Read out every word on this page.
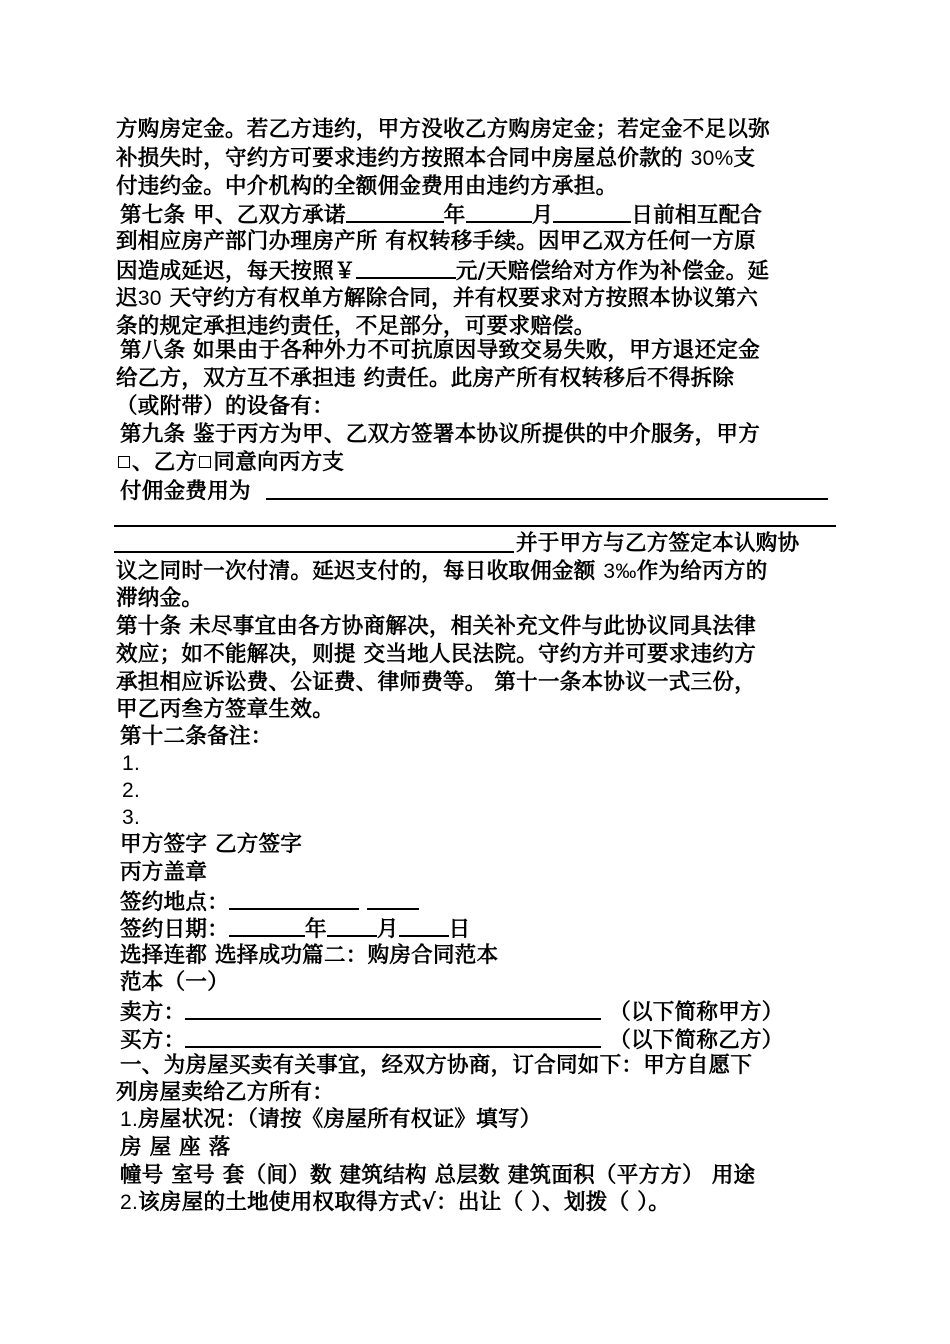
方购房定金。若乙方违约，甲方没收乙方购房定金；若定金不足以弥
补损失时，守约方可要求违约方按照本合同中房屋总价款的 30%支
付违约金。中介机构的全额佣金费用由违约方承担。
第七条 甲、乙双方承诺	年	月	日前相互配合
到相应房产部门办理房产所 有权转移手续。因甲乙双方任何一方原
因造成延迟，每天按照￥	元/天赔偿给对方作为补偿金。延
迟30 天守约方有权单方解除合同，并有权要求对方按照本协议第六
条的规定承担违约责任，不足部分，可要求赔偿。
第八条 如果由于各种外力不可抗原因导致交易失败，甲方退还定金
给乙方，双方互不承担违 约责任。此房产所有权转移后不得拆除
（或附带）的设备有：
第九条 鉴于丙方为甲、乙双方签署本协议所提供的中介服务，甲方
、乙方 同意向丙方支
付佣金费用为
并于甲方与乙方签定本认购协
议之同时一次付清。延迟支付的，每日收取佣金额 3‰作为给丙方的
滞纳金。
第十条 未尽事宜由各方协商解决，相关补充文件与此协议同具法律
效应；如不能解决，则提 交当地人民法院。守约方并可要求违约方
承担相应诉讼费、公证费、律师费等。 第十一条本协议一式三份，
甲乙丙叁方签章生效。
第十二条备注：
1.
2.
3.
甲方签字 乙方签字
丙方盖章
签约地点：
签约日期：	年 月 日
选择连都 选择成功篇二：购房合同范本
范本（一）
卖方：	（以下简称甲方）
买方：	（以下简称乙方）
一、为房屋买卖有关事宜，经双方协商，订合同如下：甲方自愿下
列房屋卖给乙方所有：
1.房屋状况：（请按《房屋所有权证》填写）
房 屋 座 落
幢号 室号 套（间）数 建筑结构 总层数 建筑面积（平方方） 用途
2.该房屋的土地使用权取得方式√：出让（ ）、划拨（ ）。
